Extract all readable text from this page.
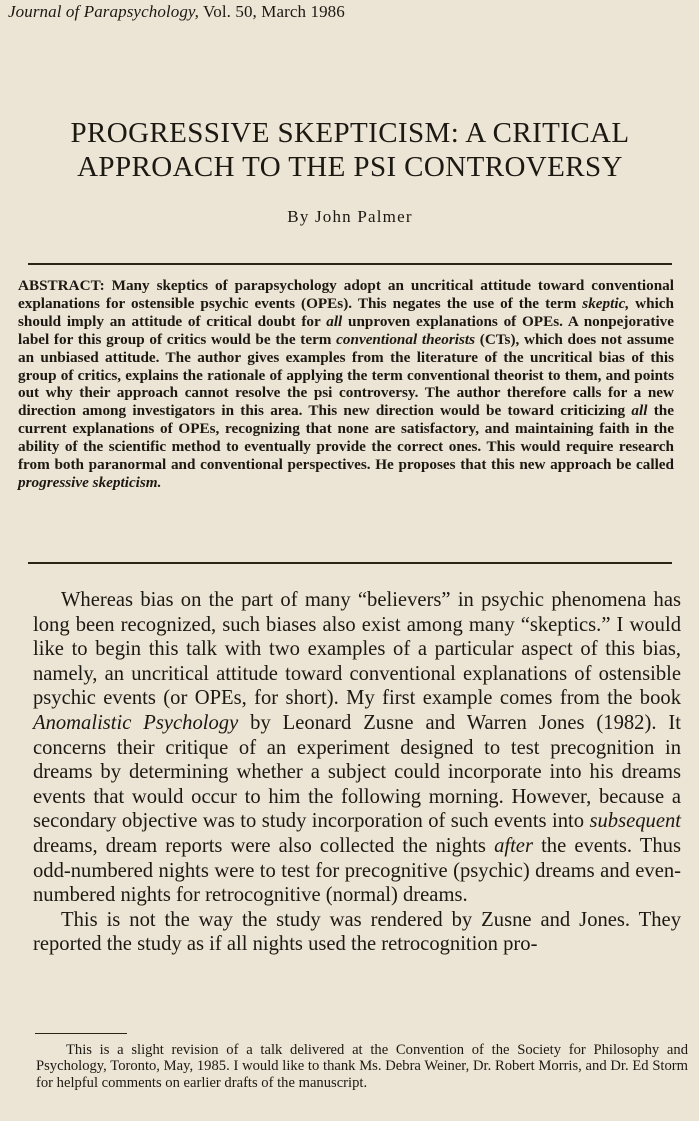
Journal of Parapsychology, Vol. 50, March 1986
PROGRESSIVE SKEPTICISM: A CRITICAL APPROACH TO THE PSI CONTROVERSY
By John Palmer
ABSTRACT: Many skeptics of parapsychology adopt an uncritical attitude toward conventional explanations for ostensible psychic events (OPEs). This negates the use of the term skeptic, which should imply an attitude of critical doubt for all unproven explanations of OPEs. A nonpejorative label for this group of critics would be the term conventional theorists (CTs), which does not assume an unbiased attitude. The author gives examples from the literature of the uncritical bias of this group of critics, explains the rationale of applying the term conventional theorist to them, and points out why their approach cannot resolve the psi controversy. The author therefore calls for a new direction among investigators in this area. This new direction would be toward criticizing all the current explanations of OPEs, recognizing that none are satisfactory, and maintaining faith in the ability of the scientific method to eventually provide the correct ones. This would require research from both paranormal and conventional perspectives. He proposes that this new approach be called progressive skepticism.

Whereas bias on the part of many “believers” in psychic phenomena has long been recognized, such biases also exist among many “skeptics.” I would like to begin this talk with two examples of a particular aspect of this bias, namely, an uncritical attitude toward conventional explanations of ostensible psychic events (or OPEs, for short). My first example comes from the book Anomalistic Psychology by Leonard Zusne and Warren Jones (1982). It concerns their critique of an experiment designed to test precognition in dreams by determining whether a subject could incorporate into his dreams events that would occur to him the following morning. However, because a secondary objective was to study incorporation of such events into subsequent dreams, dream reports were also collected the nights after the events. Thus odd-numbered nights were to test for precognitive (psychic) dreams and even-numbered nights for retrocognitive (normal) dreams.

This is not the way the study was rendered by Zusne and Jones. They reported the study as if all nights used the retrocognition pro-

This is a slight revision of a talk delivered at the Convention of the Society for Philosophy and Psychology, Toronto, May, 1985. I would like to thank Ms. Debra Weiner, Dr. Robert Morris, and Dr. Ed Storm for helpful comments on earlier drafts of the manuscript.
